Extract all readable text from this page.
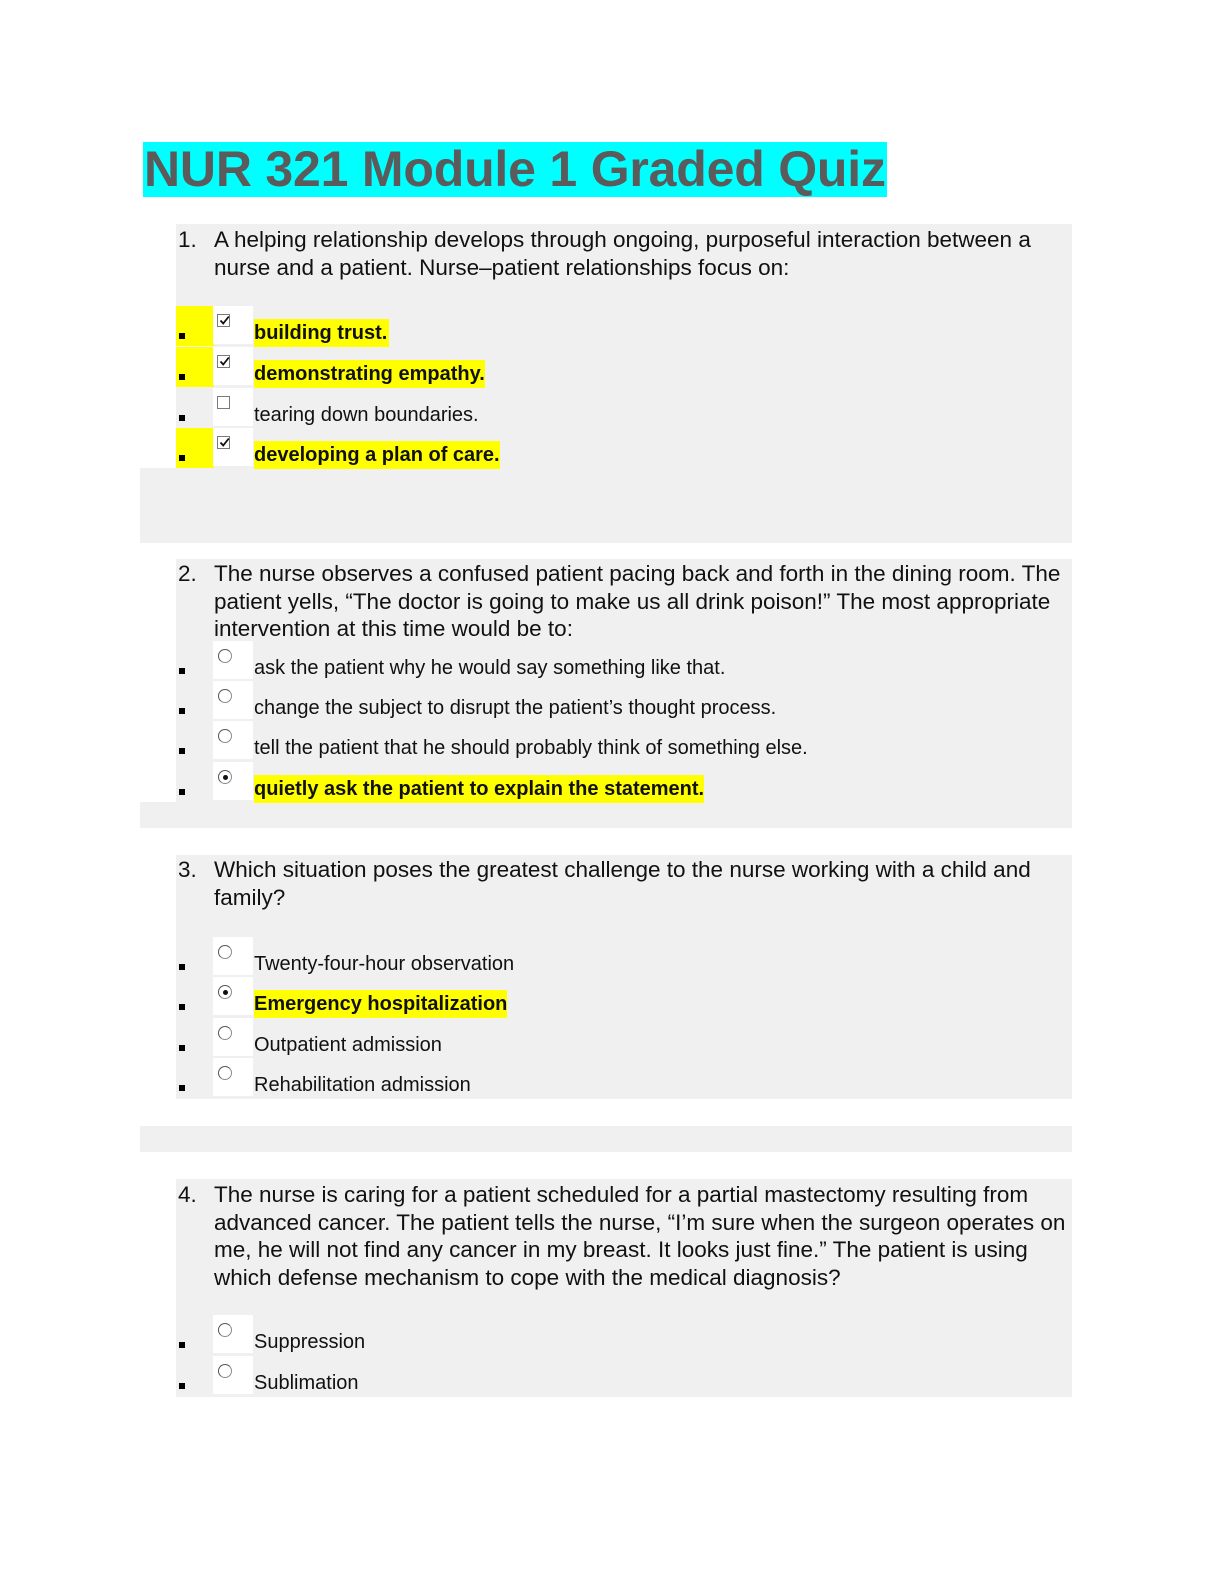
NUR 321 Module 1 Graded Quiz
1. A helping relationship develops through ongoing, purposeful interaction between a nurse and a patient. Nurse–patient relationships focus on:
building trust.
demonstrating empathy.
tearing down boundaries.
developing a plan of care.
2. The nurse observes a confused patient pacing back and forth in the dining room. The patient yells, “The doctor is going to make us all drink poison!” The most appropriate intervention at this time would be to:
ask the patient why he would say something like that.
change the subject to disrupt the patient’s thought process.
tell the patient that he should probably think of something else.
quietly ask the patient to explain the statement.
3. Which situation poses the greatest challenge to the nurse working with a child and family?
Twenty-four-hour observation
Emergency hospitalization
Outpatient admission
Rehabilitation admission
4. The nurse is caring for a patient scheduled for a partial mastectomy resulting from advanced cancer. The patient tells the nurse, “I’m sure when the surgeon operates on me, he will not find any cancer in my breast. It looks just fine.” The patient is using which defense mechanism to cope with the medical diagnosis?
Suppression
Sublimation
